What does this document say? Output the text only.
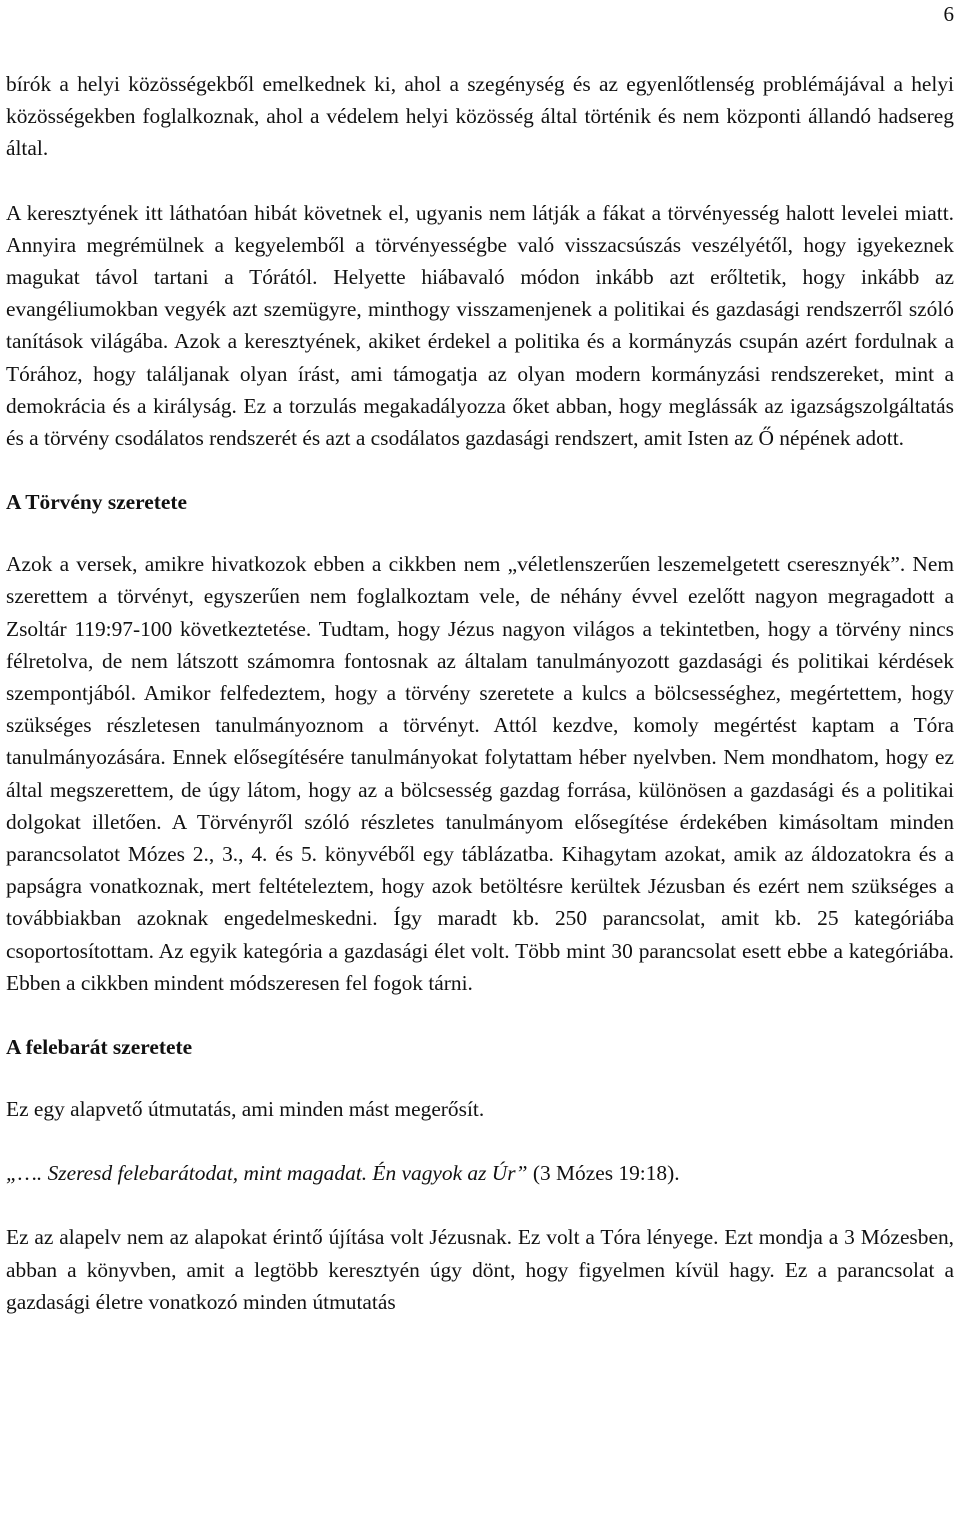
6

bírók a helyi közösségekből emelkednek ki, ahol a szegénység és az egyenlőtlenség problémájával a helyi közösségekben foglalkoznak, ahol a védelem helyi közösség által történik és nem központi állandó hadsereg által.

A keresztyének itt láthatóan hibát követnek el, ugyanis nem látják a fákat a törvényesség halott levelei miatt. Annyira megrémülnek a kegyelemből a törvényességbe való visszacsúszás veszélyétől, hogy igyekeznek magukat távol tartani a Tórától. Helyette hiábavaló módon inkább azt erőltetik, hogy inkább az evangéliumokban vegyék azt szemügyre, minthogy visszamenjenek a politikai és gazdasági rendszerről szóló tanítások világába. Azok a keresztyének, akiket érdekel a politika és a kormányzás csupán azért fordulnak a Tórához, hogy találjanak olyan írást, ami támogatja az olyan modern kormányzási rendszereket, mint a demokrácia és a királyság. Ez a torzulás megakadályozza őket abban, hogy meglássák az igazságszolgáltatás és a törvény csodálatos rendszerét és azt a csodálatos gazdasági rendszert, amit Isten az Ő népének adott.

A Törvény szeretete

Azok a versek, amikre hivatkozok ebben a cikkben nem „véletlenszerűen leszemelgetett cseresznyék”. Nem szerettem a törvényt, egyszerűen nem foglalkoztam vele, de néhány évvel ezelőtt nagyon megragadott a Zsoltár 119:97-100 következtetése. Tudtam, hogy Jézus nagyon világos a tekintetben, hogy a törvény nincs félretolva, de nem látszott számomra fontosnak az általam tanulmányozott gazdasági és politikai kérdések szempontjából. Amikor felfedeztem, hogy a törvény szeretete a kulcs a bölcsességhez, megértettem, hogy szükséges részletesen tanulmányoznom a törvényt. Attól kezdve, komoly megértést kaptam a Tóra tanulmányozására. Ennek elősegítésére tanulmányokat folytattam héber nyelvben. Nem mondhatom, hogy ez által megszerettem, de úgy látom, hogy az a bölcsesség gazdag forrása, különösen a gazdasági és a politikai dolgokat illetően. A Törvényről szóló részletes tanulmányom elősegítése érdekében kimásoltam minden parancsolatot Mózes 2., 3., 4. és 5. könyvéből egy táblázatba. Kihagytam azokat, amik az áldozatokra és a papságra vonatkoznak, mert feltételeztem, hogy azok betöltésre kerültek Jézusban és ezért nem szükséges a továbbiakban azoknak engedelmeskedni. Így maradt kb. 250 parancsolat, amit kb. 25 kategóriába csoportosítottam. Az egyik kategória a gazdasági élet volt. Több mint 30 parancsolat esett ebbe a kategóriába. Ebben a cikkben mindent módszeresen fel fogok tárni.

A felebarát szeretete

Ez egy alapvető útmutatás, ami minden mást megerősít.

„…. Szeresd felebarátodat, mint magadat. Én vagyok az Úr” (3 Mózes 19:18).

Ez az alapelv nem az alapokat érintő újítása volt Jézusnak. Ez volt a Tóra lényege. Ezt mondja a 3 Mózesben, abban a könyvben, amit a legtöbb keresztyén úgy dönt, hogy figyelmen kívül hagy. Ez a parancsolat a gazdasági életre vonatkozó minden útmutatás
